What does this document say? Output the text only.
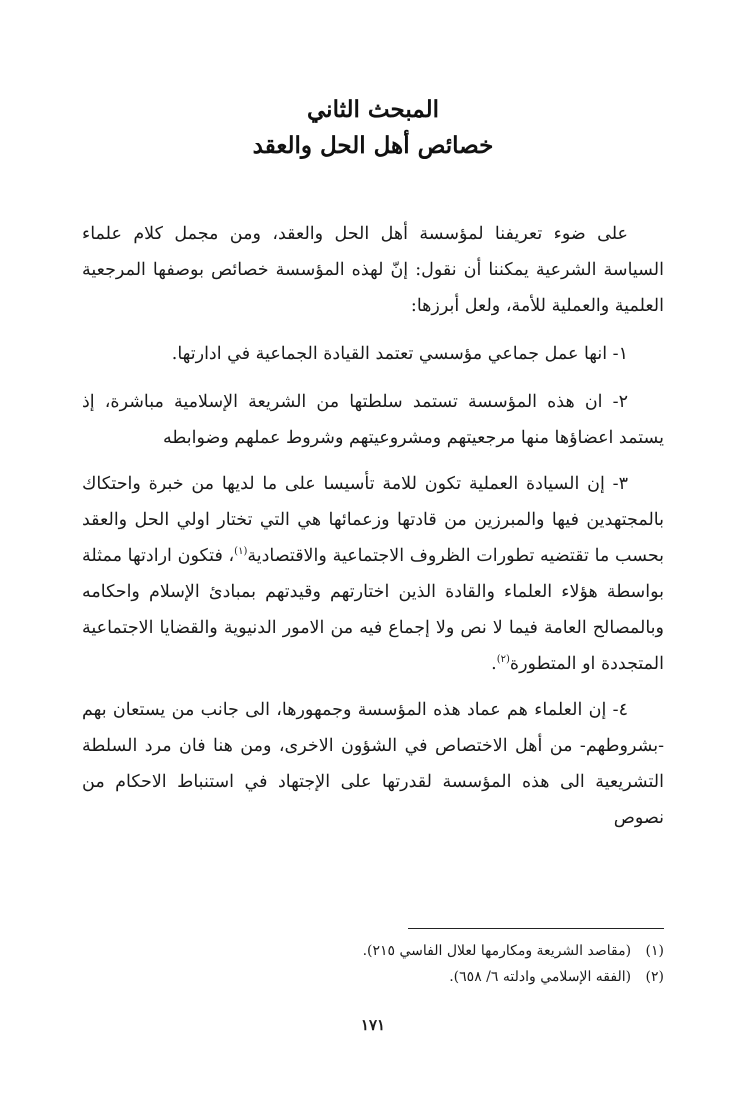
المبحث الثاني
خصائص أهل الحل والعقد

على ضوء تعريفنا لمؤسسة أهل الحل والعقد، ومن مجمل كلام علماء السياسة الشرعية يمكننا أن نقول: إنّ لهذه المؤسسة خصائص بوصفها المرجعية العلمية والعملية للأمة، ولعل أبرزها:

١- انها عمل جماعي مؤسسي تعتمد القيادة الجماعية في ادارتها.

٢- ان هذه المؤسسة تستمد سلطتها من الشريعة الإسلامية مباشرة، إذ يستمد اعضاؤها منها مرجعيتهم ومشروعيتهم وشروط عملهم وضوابطه

٣- إن السيادة العملية تكون للامة تأسيسا على ما لديها من خبرة واحتكاك بالمجتهدين فيها والمبرزين من قادتها وزعمائها هي التي تختار اولي الحل والعقد بحسب ما تقتضيه تطورات الظروف الاجتماعية والاقتصادية$^{(١)}$، فتكون ارادتها ممثلة بواسطة هؤلاء العلماء والقادة الذين اختارتهم وقيدتهم بمبادئ الإسلام واحكامه وبالمصالح العامة فيما لا نص ولا إجماع فيه من الامور الدنيوية والقضايا الاجتماعية المتجددة او المتطورة$^{(٢)}$.

٤- إن العلماء هم عماد هذه المؤسسة وجمهورها، الى جانب من يستعان بهم -بشروطهم- من أهل الاختصاص في الشؤون الاخرى، ومن هنا فان مرد السلطة التشريعية الى هذه المؤسسة لقدرتها على الإجتهاد في استنباط الاحكام من نصوص

(١) (مقاصد الشريعة ومكارمها لعلال الفاسي ٢١٥).
(٢) (الفقه الإسلامي وادلته ٦/ ٦٥٨).
١٧١
